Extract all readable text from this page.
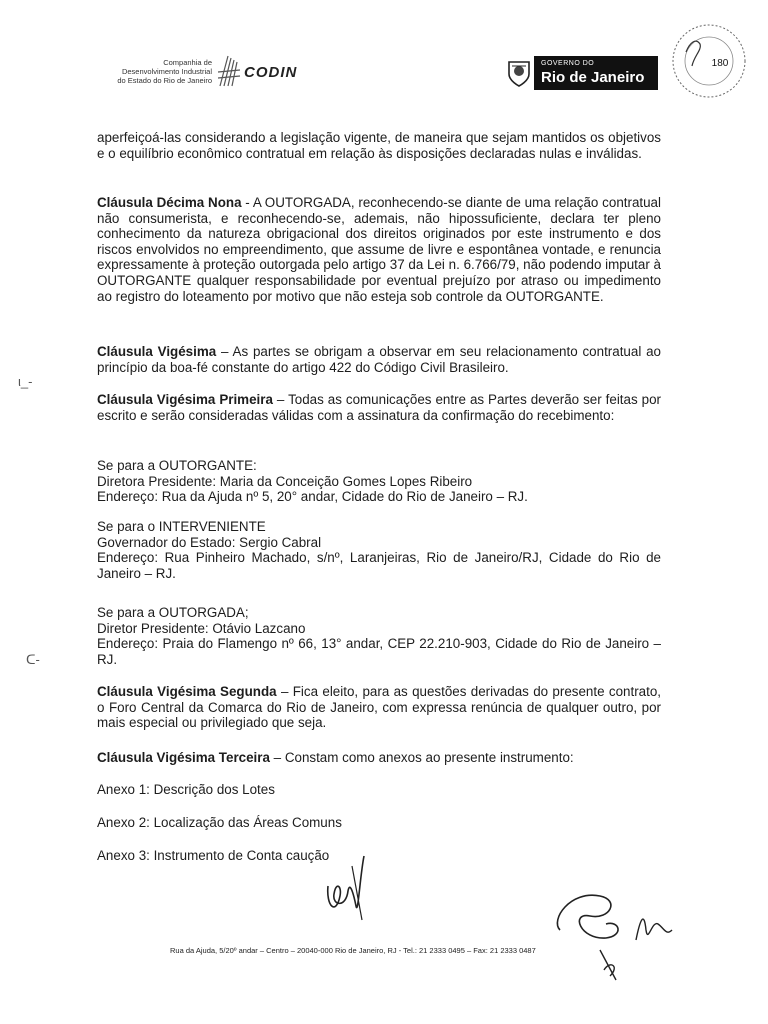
Companhia de
Desenvolvimento Industrial
do Estado do Rio de Janeiro CODIN
GOVERNO DO
Rio de Janeiro
180
aperfeiçoá-las considerando a legislação vigente, de maneira que sejam mantidos os objetivos e o equilíbrio econômico contratual em relação às disposições declaradas nulas e inválidas.
Cláusula Décima Nona - A OUTORGADA, reconhecendo-se diante de uma relação contratual não consumerista, e reconhecendo-se, ademais, não hipossuficiente, declara ter pleno conhecimento da natureza obrigacional dos direitos originados por este instrumento e dos riscos envolvidos no empreendimento, que assume de livre e espontânea vontade, e renuncia expressamente à proteção outorgada pelo artigo 37 da Lei n. 6.766/79, não podendo imputar à OUTORGANTE qualquer responsabilidade por eventual prejuízo por atraso ou impedimento ao registro do loteamento por motivo que não esteja sob controle da OUTORGANTE.
Cláusula Vigésima – As partes se obrigam a observar em seu relacionamento contratual ao princípio da boa-fé constante do artigo 422 do Código Civil Brasileiro.
Cláusula Vigésima Primeira – Todas as comunicações entre as Partes deverão ser feitas por escrito e serão consideradas válidas com a assinatura da confirmação do recebimento:
Se para a OUTORGANTE:
Diretora Presidente: Maria da Conceição Gomes Lopes Ribeiro
Endereço: Rua da Ajuda nº 5, 20° andar, Cidade do Rio de Janeiro – RJ.
Se para o INTERVENIENTE
Governador do Estado: Sergio Cabral
Endereço: Rua Pinheiro Machado, s/nº, Laranjeiras, Rio de Janeiro/RJ, Cidade do Rio de Janeiro – RJ.
Se para a OUTORGADA;
Diretor Presidente: Otávio Lazcano
Endereço: Praia do Flamengo nº 66, 13° andar, CEP 22.210-903, Cidade do Rio de Janeiro – RJ.
Cláusula Vigésima Segunda – Fica eleito, para as questões derivadas do presente contrato, o Foro Central da Comarca do Rio de Janeiro, com expressa renúncia de qualquer outro, por mais especial ou privilegiado que seja.
Cláusula Vigésima Terceira – Constam como anexos ao presente instrumento:
Anexo 1: Descrição dos Lotes
Anexo 2: Localização das Áreas Comuns
Anexo 3: Instrumento de Conta caução
ι_-
ᑕ-
Rua da Ajuda, 5/20º andar – Centro – 20040-000 Rio de Janeiro, RJ - Tel.: 21 2333 0495 – Fax: 21 2333 0487
